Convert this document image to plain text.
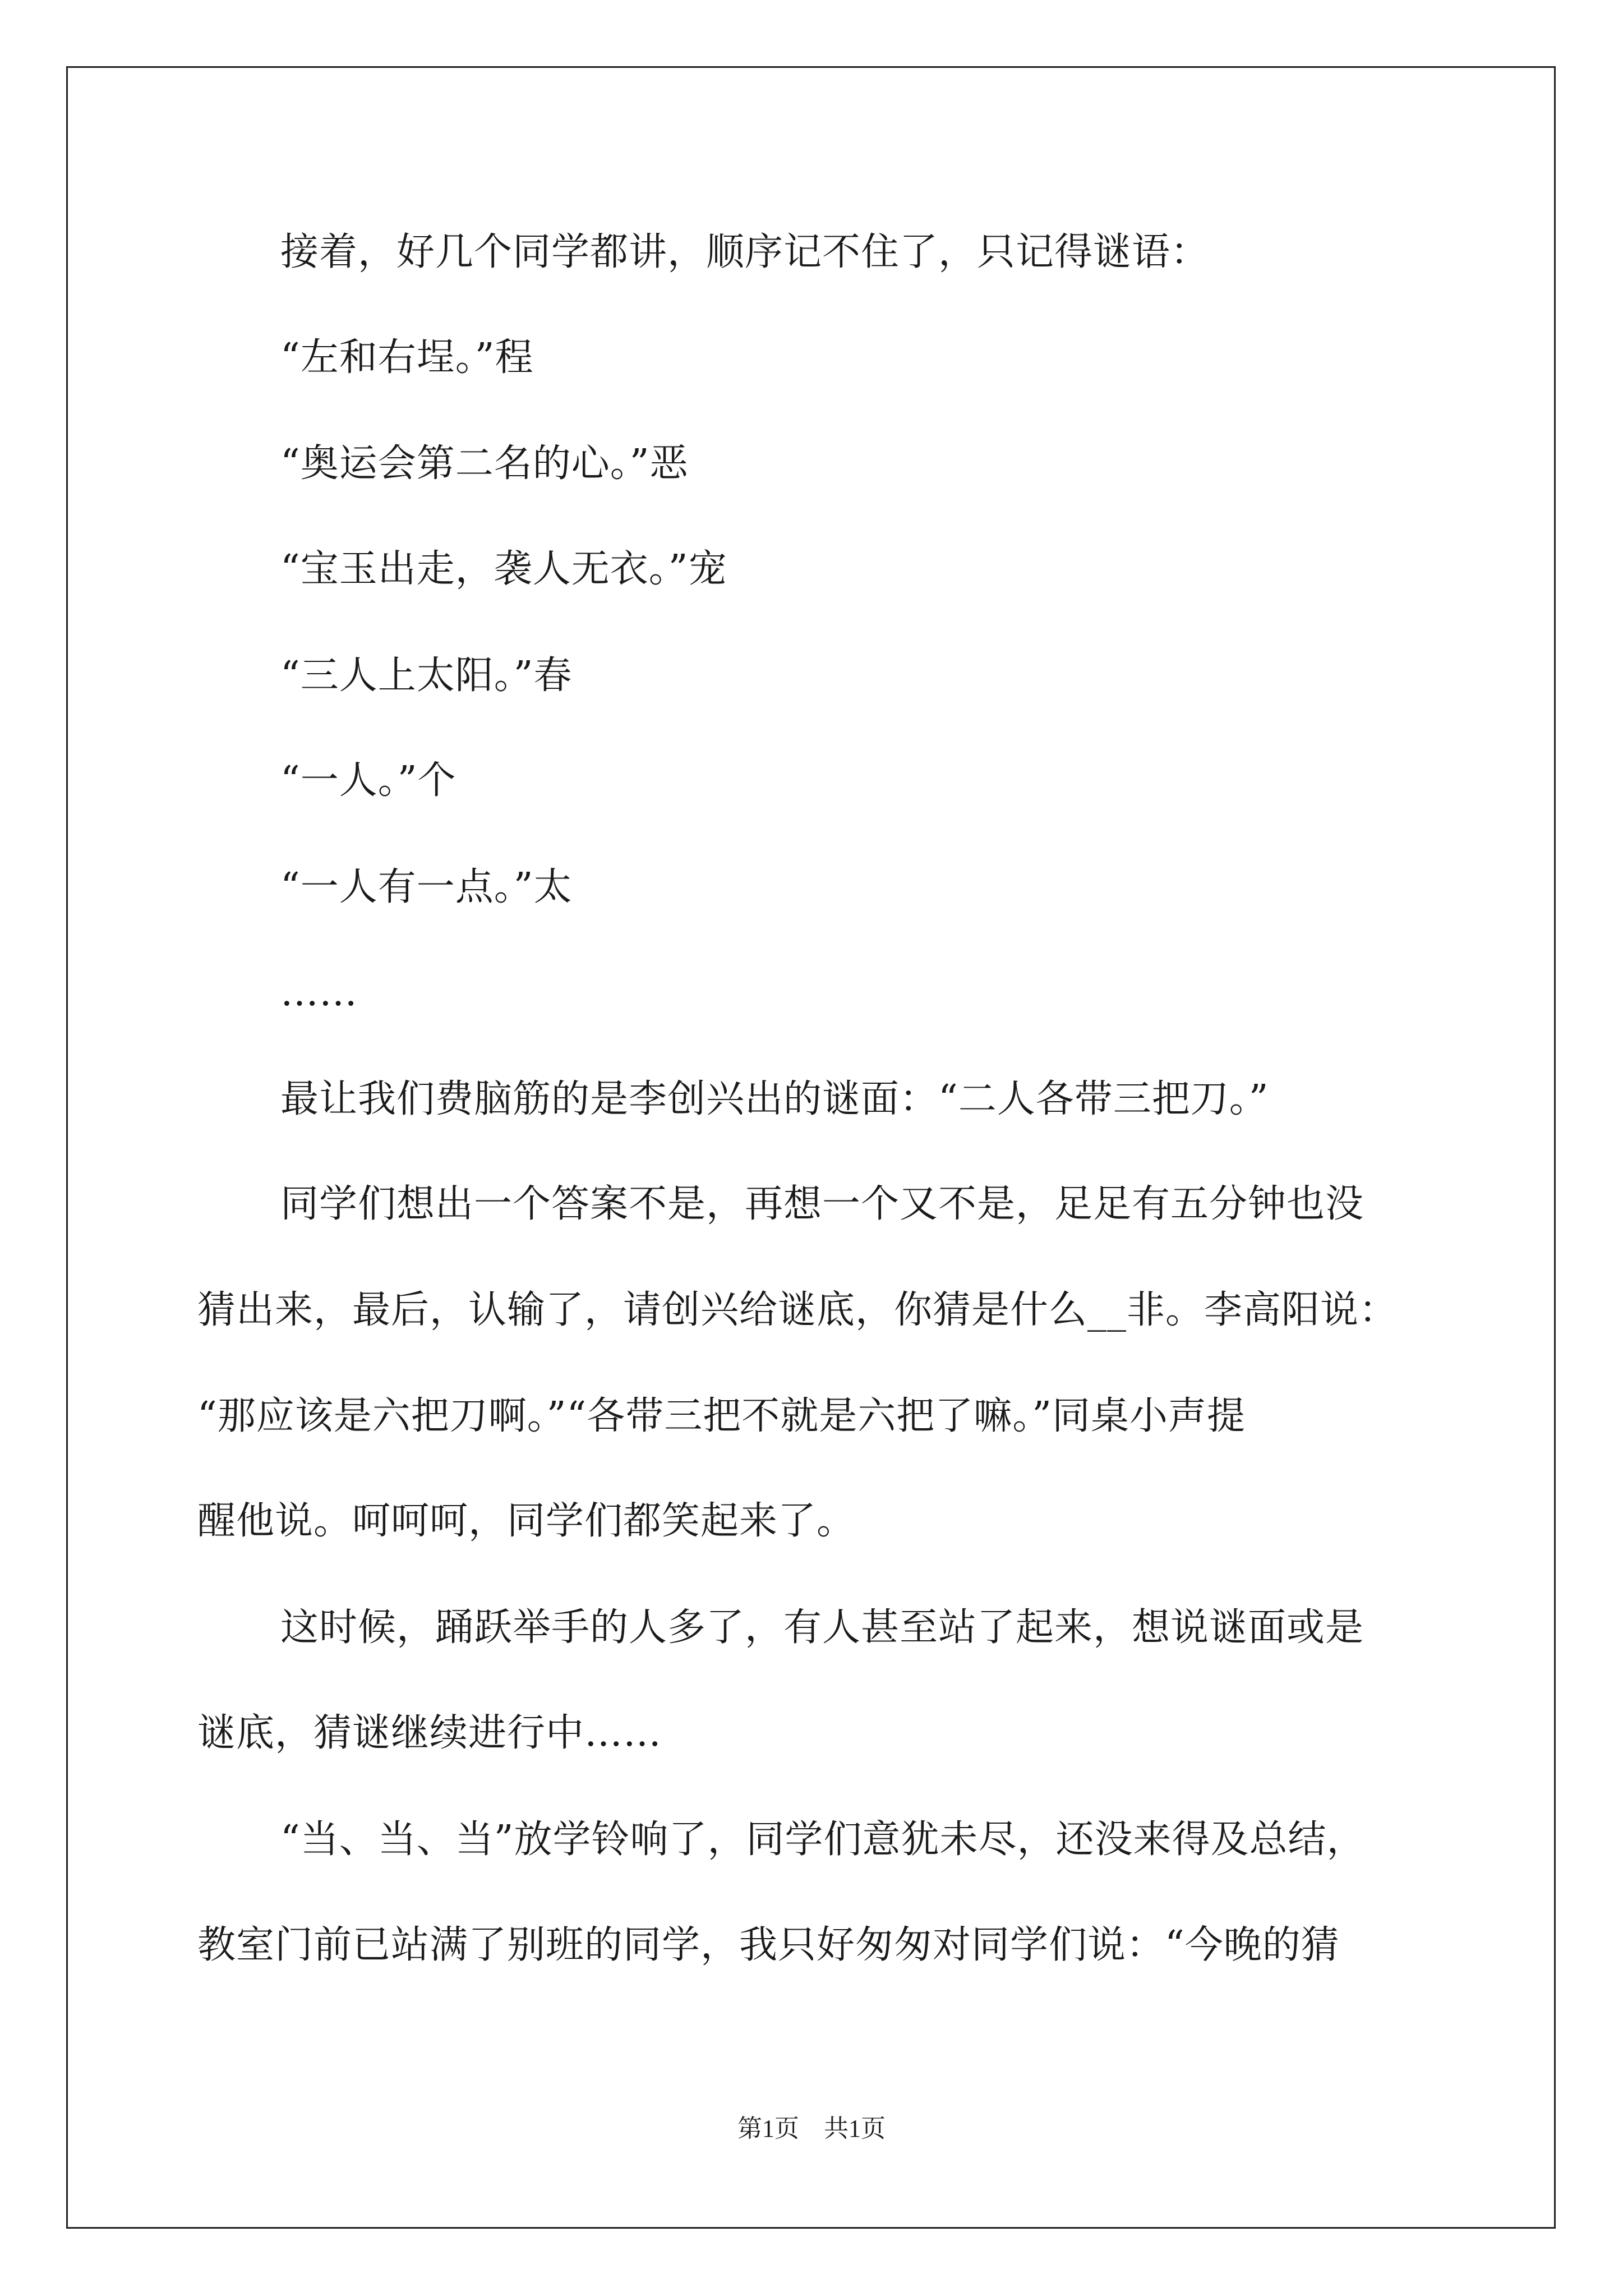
接着，好几个同学都讲，顺序记不住了，只记得谜语：
“左和右埕。”程
“奥运会第二名的心。”恶
“宝玉出走，袭人无衣。”宠
“三人上太阳。”春
“一人。”个
“一人有一点。”太
……
最让我们费脑筋的是李创兴出的谜面：“二人各带三把刀。”
同学们想出一个答案不是，再想一个又不是，足足有五分钟也没
猜出来，最后，认输了，请创兴给谜底，你猜是什么__非。李高阳说：
“那应该是六把刀啊。”“各带三把不就是六把了嘛。”同桌小声提
醒他说。呵呵呵，同学们都笑起来了。
这时候，踊跃举手的人多了，有人甚至站了起来，想说谜面或是
谜底，猜谜继续进行中……
“当、当、当”放学铃响了，同学们意犹未尽，还没来得及总结，
教室门前已站满了别班的同学，我只好匆匆对同学们说：“今晚的猜
第1页　共1页
